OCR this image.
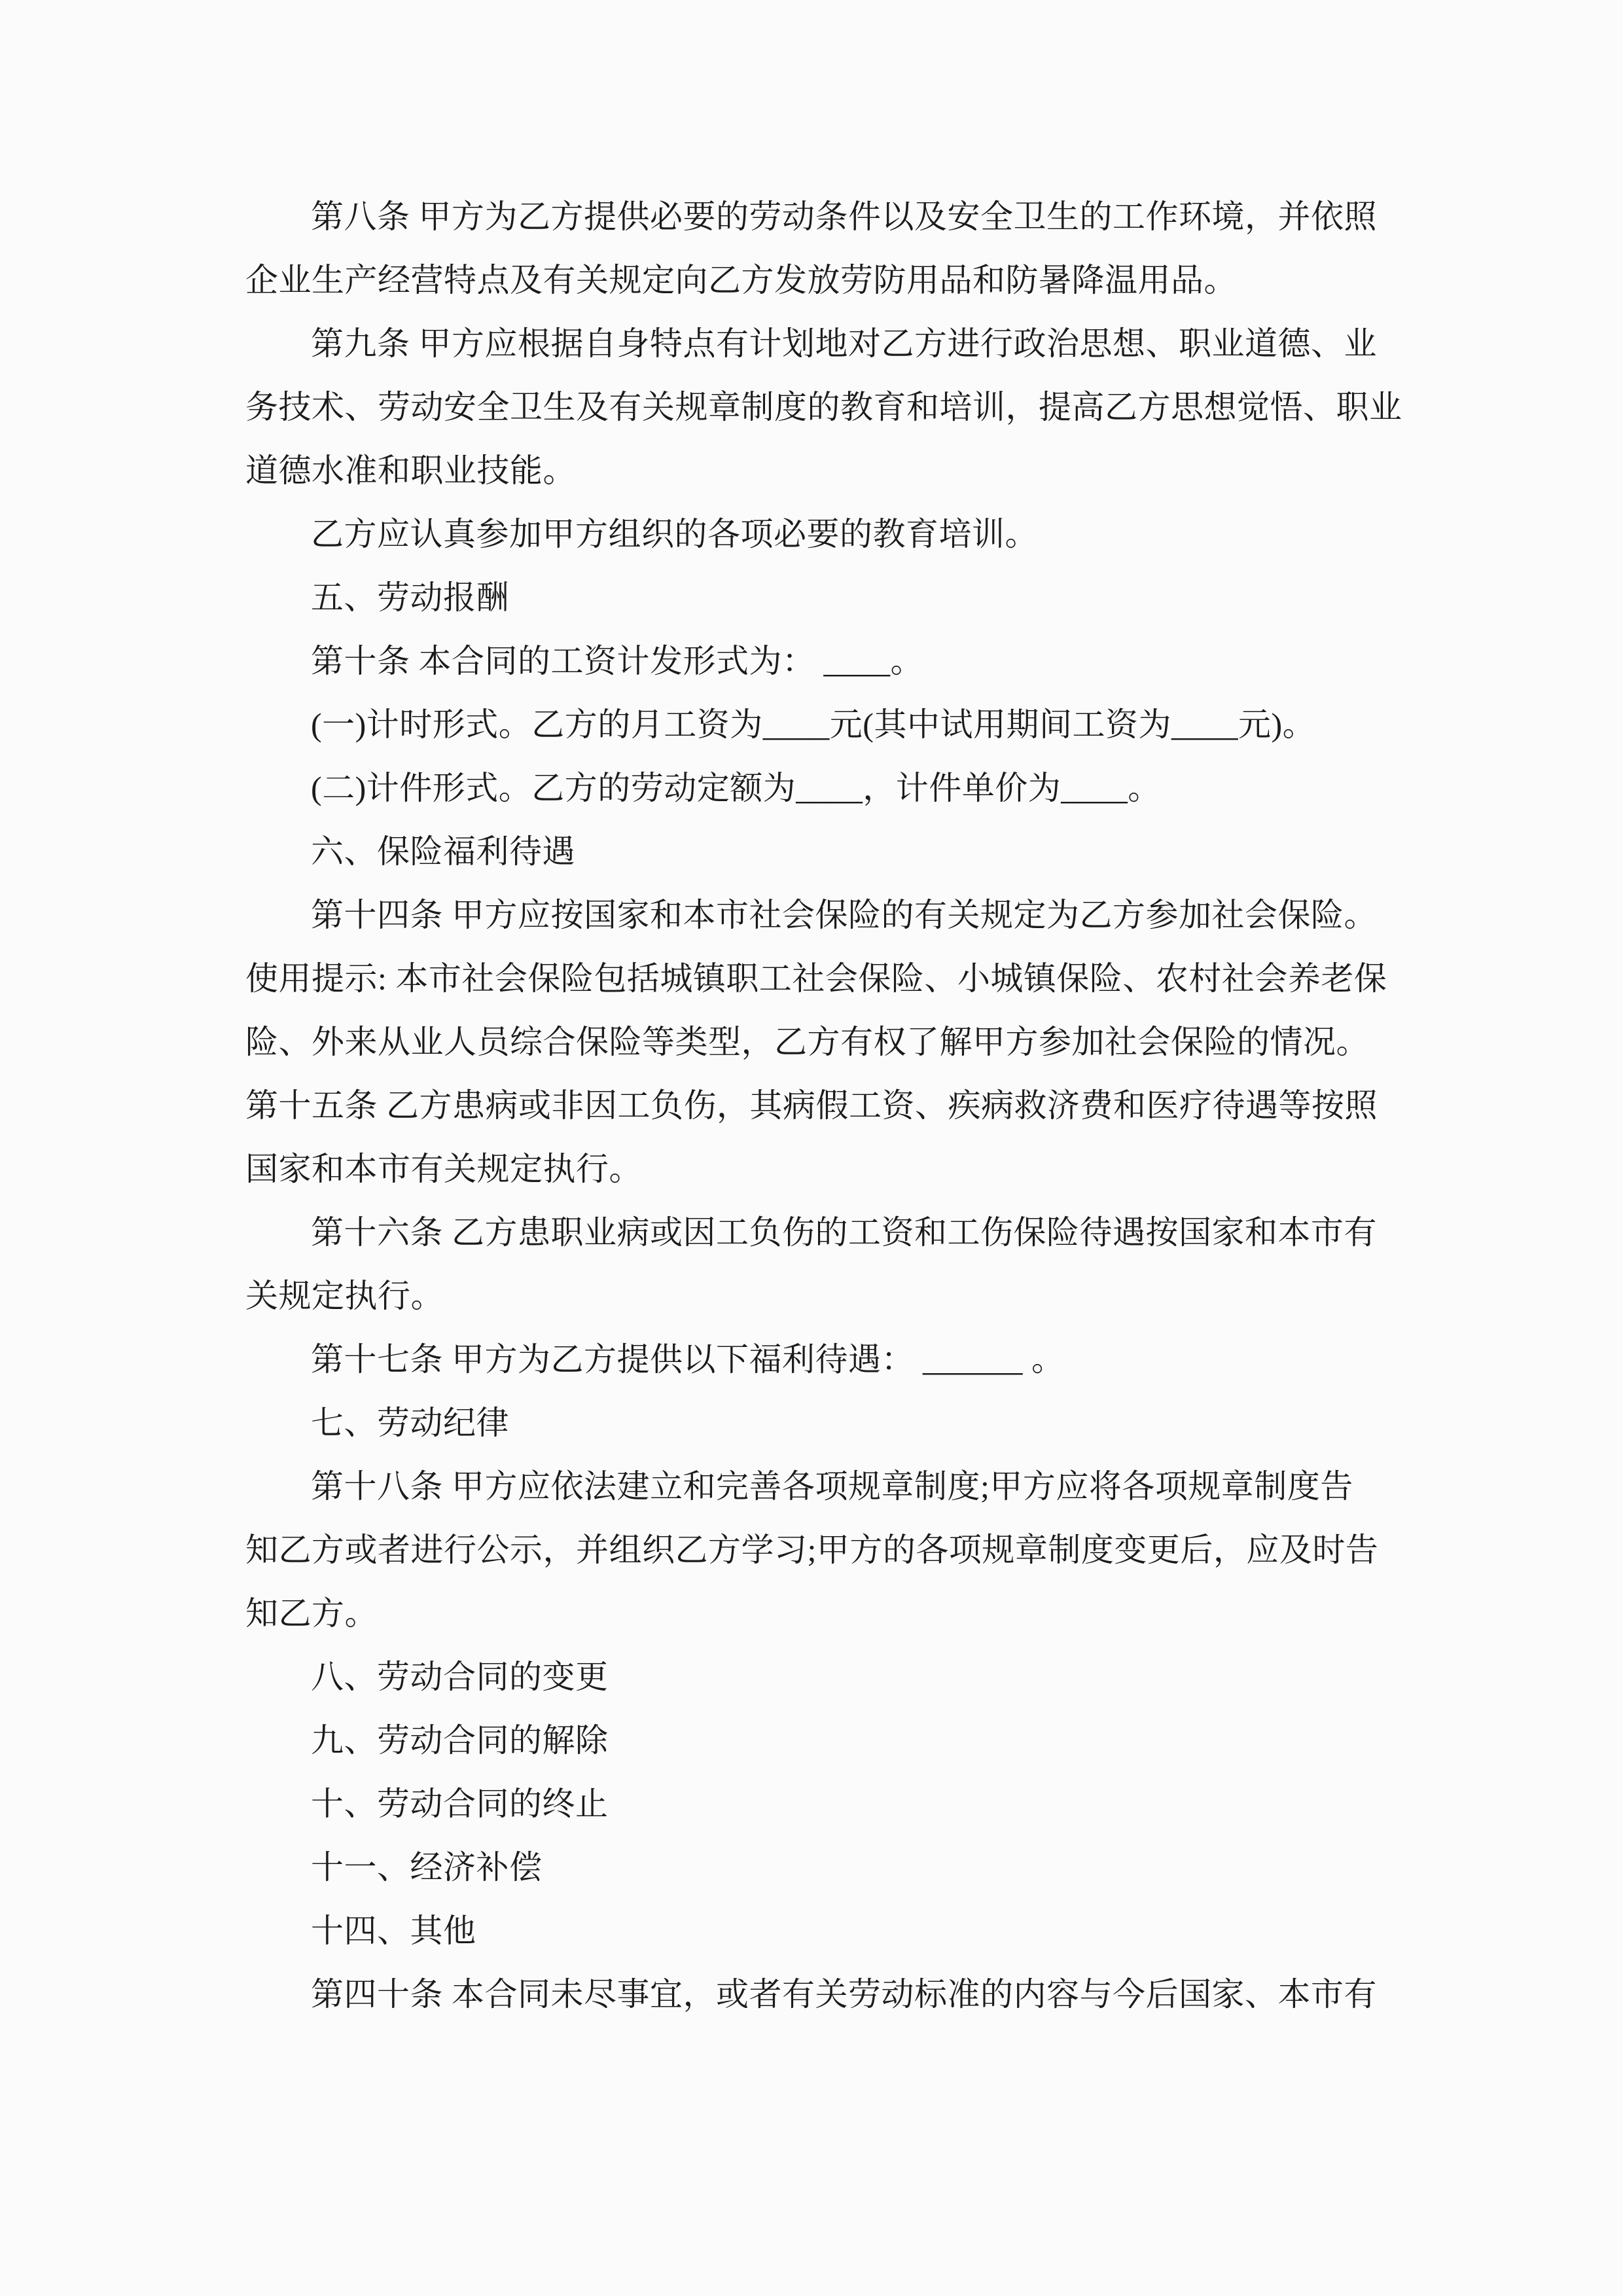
第八条 甲方为乙方提供必要的劳动条件以及安全卫生的工作环境，并依照
企业生产经营特点及有关规定向乙方发放劳防用品和防暑降温用品。
第九条 甲方应根据自身特点有计划地对乙方进行政治思想、职业道德、业
务技术、劳动安全卫生及有关规章制度的教育和培训，提高乙方思想觉悟、职业
道德水准和职业技能。
乙方应认真参加甲方组织的各项必要的教育培训。
五、劳动报酬
第十条 本合同的工资计发形式为： ____。
(一)计时形式。乙方的月工资为____元(其中试用期间工资为____元)。
(二)计件形式。乙方的劳动定额为____，计件单价为____。
六、保险福利待遇
第十四条 甲方应按国家和本市社会保险的有关规定为乙方参加社会保险。
使用提示: 本市社会保险包括城镇职工社会保险、小城镇保险、农村社会养老保
险、外来从业人员综合保险等类型，乙方有权了解甲方参加社会保险的情况。
第十五条 乙方患病或非因工负伤，其病假工资、疾病救济费和医疗待遇等按照
国家和本市有关规定执行。
第十六条 乙方患职业病或因工负伤的工资和工伤保险待遇按国家和本市有
关规定执行。
第十七条 甲方为乙方提供以下福利待遇： ______ 。
七、劳动纪律
第十八条 甲方应依法建立和完善各项规章制度;甲方应将各项规章制度告
知乙方或者进行公示，并组织乙方学习;甲方的各项规章制度变更后，应及时告
知乙方。
八、劳动合同的变更
九、劳动合同的解除
十、劳动合同的终止
十一、经济补偿
十四、其他
第四十条 本合同未尽事宜，或者有关劳动标准的内容与今后国家、本市有
